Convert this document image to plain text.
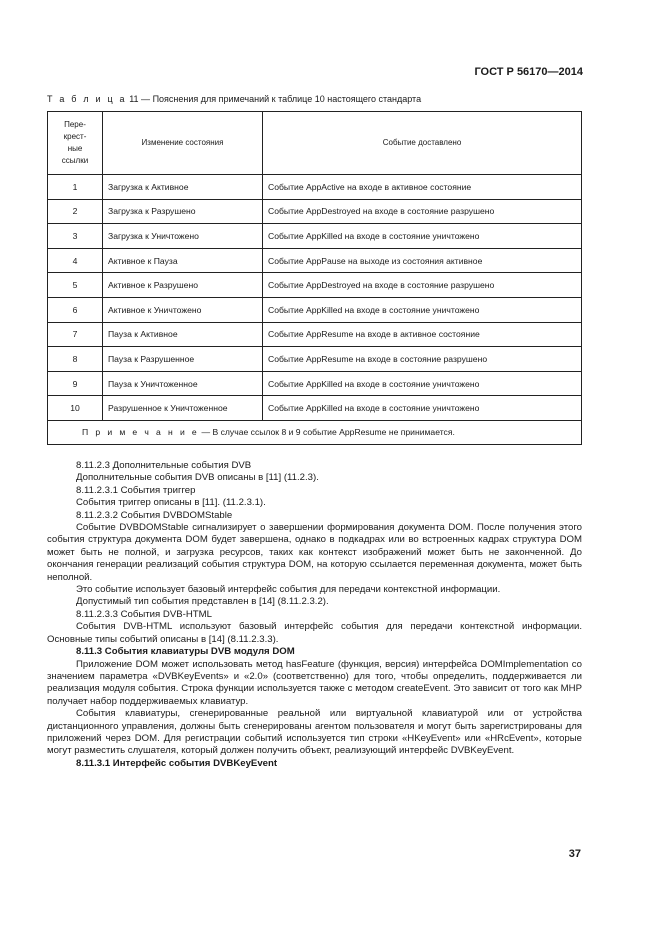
ГОСТ Р 56170—2014
Т а б л и ц а 11 — Пояснения для примечаний к таблице 10 настоящего стандарта
Пере-
крест-
ные
ссылки	Изменение состояния	Событие доставлено
1	Загрузка к Активное	Событие AppActive на входе в активное состояние
2	Загрузка к Разрушено	Событие AppDestroyed на входе в состояние разрушено
3	Загрузка к Уничтожено	Событие AppKilled на входе в состояние уничтожено
4	Активное к Пауза	Событие AppPause на выходе из состояния активное
5	Активное к Разрушено	Событие AppDestroyed на входе в состояние разрушено
6	Активное к Уничтожено	Событие AppKilled на входе в состояние уничтожено
7	Пауза к Активное	Событие AppResume на входе в активное состояние
8	Пауза к Разрушенное	Событие AppResume на входе в состояние разрушено
9	Пауза к Уничтоженное	Событие AppKilled на входе в состояние уничтожено
10	Разрушенное к Уничтоженное	Событие AppKilled на входе в состояние уничтожено
П р и м е ч а н и е — В случае ссылок 8 и 9 событие AppResume не принимается.		

8.11.2.3 Дополнительные события DVB

Дополнительные события DVB описаны в [11] (11.2.3).

8.11.2.3.1 События триггер

События триггер описаны в [11]. (11.2.3.1).

8.11.2.3.2 События DVBDOMStable

Событие DVBDOMStable сигнализирует о завершении формирования документа DOM. После получения этого события структура документа DOM будет завершена, однако в подкадрах или во встроенных кадрах структура DOM может быть не полной, и загрузка ресурсов, таких как контекст изображений может быть не законченной. До окончания генерации реализаций события структура DOM, на которую ссылается переменная документа, может быть неполной.

Это событие использует базовый интерфейс события для передачи контекстной информации.

Допустимый тип события представлен в [14] (8.11.2.3.2).

8.11.2.3.3 События DVB-HTML

События DVB-HTML используют базовый интерфейс события для передачи контекстной информации. Основные типы событий описаны в [14] (8.11.2.3.3).

8.11.3 События клавиатуры DVB модуля DOM

Приложение DOM может использовать метод hasFeature (функция, версия) интерфейса DOMImplementation со значением параметра «DVBKeyEvents» и «2.0» (соответственно) для того, чтобы определить, поддерживается ли реализация модуля события. Строка функции используется также с методом createEvent. Это зависит от того как MHP получает набор поддерживаемых клавиатур.

События клавиатуры, сгенерированные реальной или виртуальной клавиатурой или от устройства дистанционного управления, должны быть сгенерированы агентом пользователя и могут быть зарегистрированы для приложений через DOM. Для регистрации событий используется тип строки «HKeyEvent» или «HRcEvent», которые могут разместить слушателя, который должен получить объект, реализующий интерфейс DVBKeyEvent.

8.11.3.1 Интерфейс события DVBKeyEvent

37
